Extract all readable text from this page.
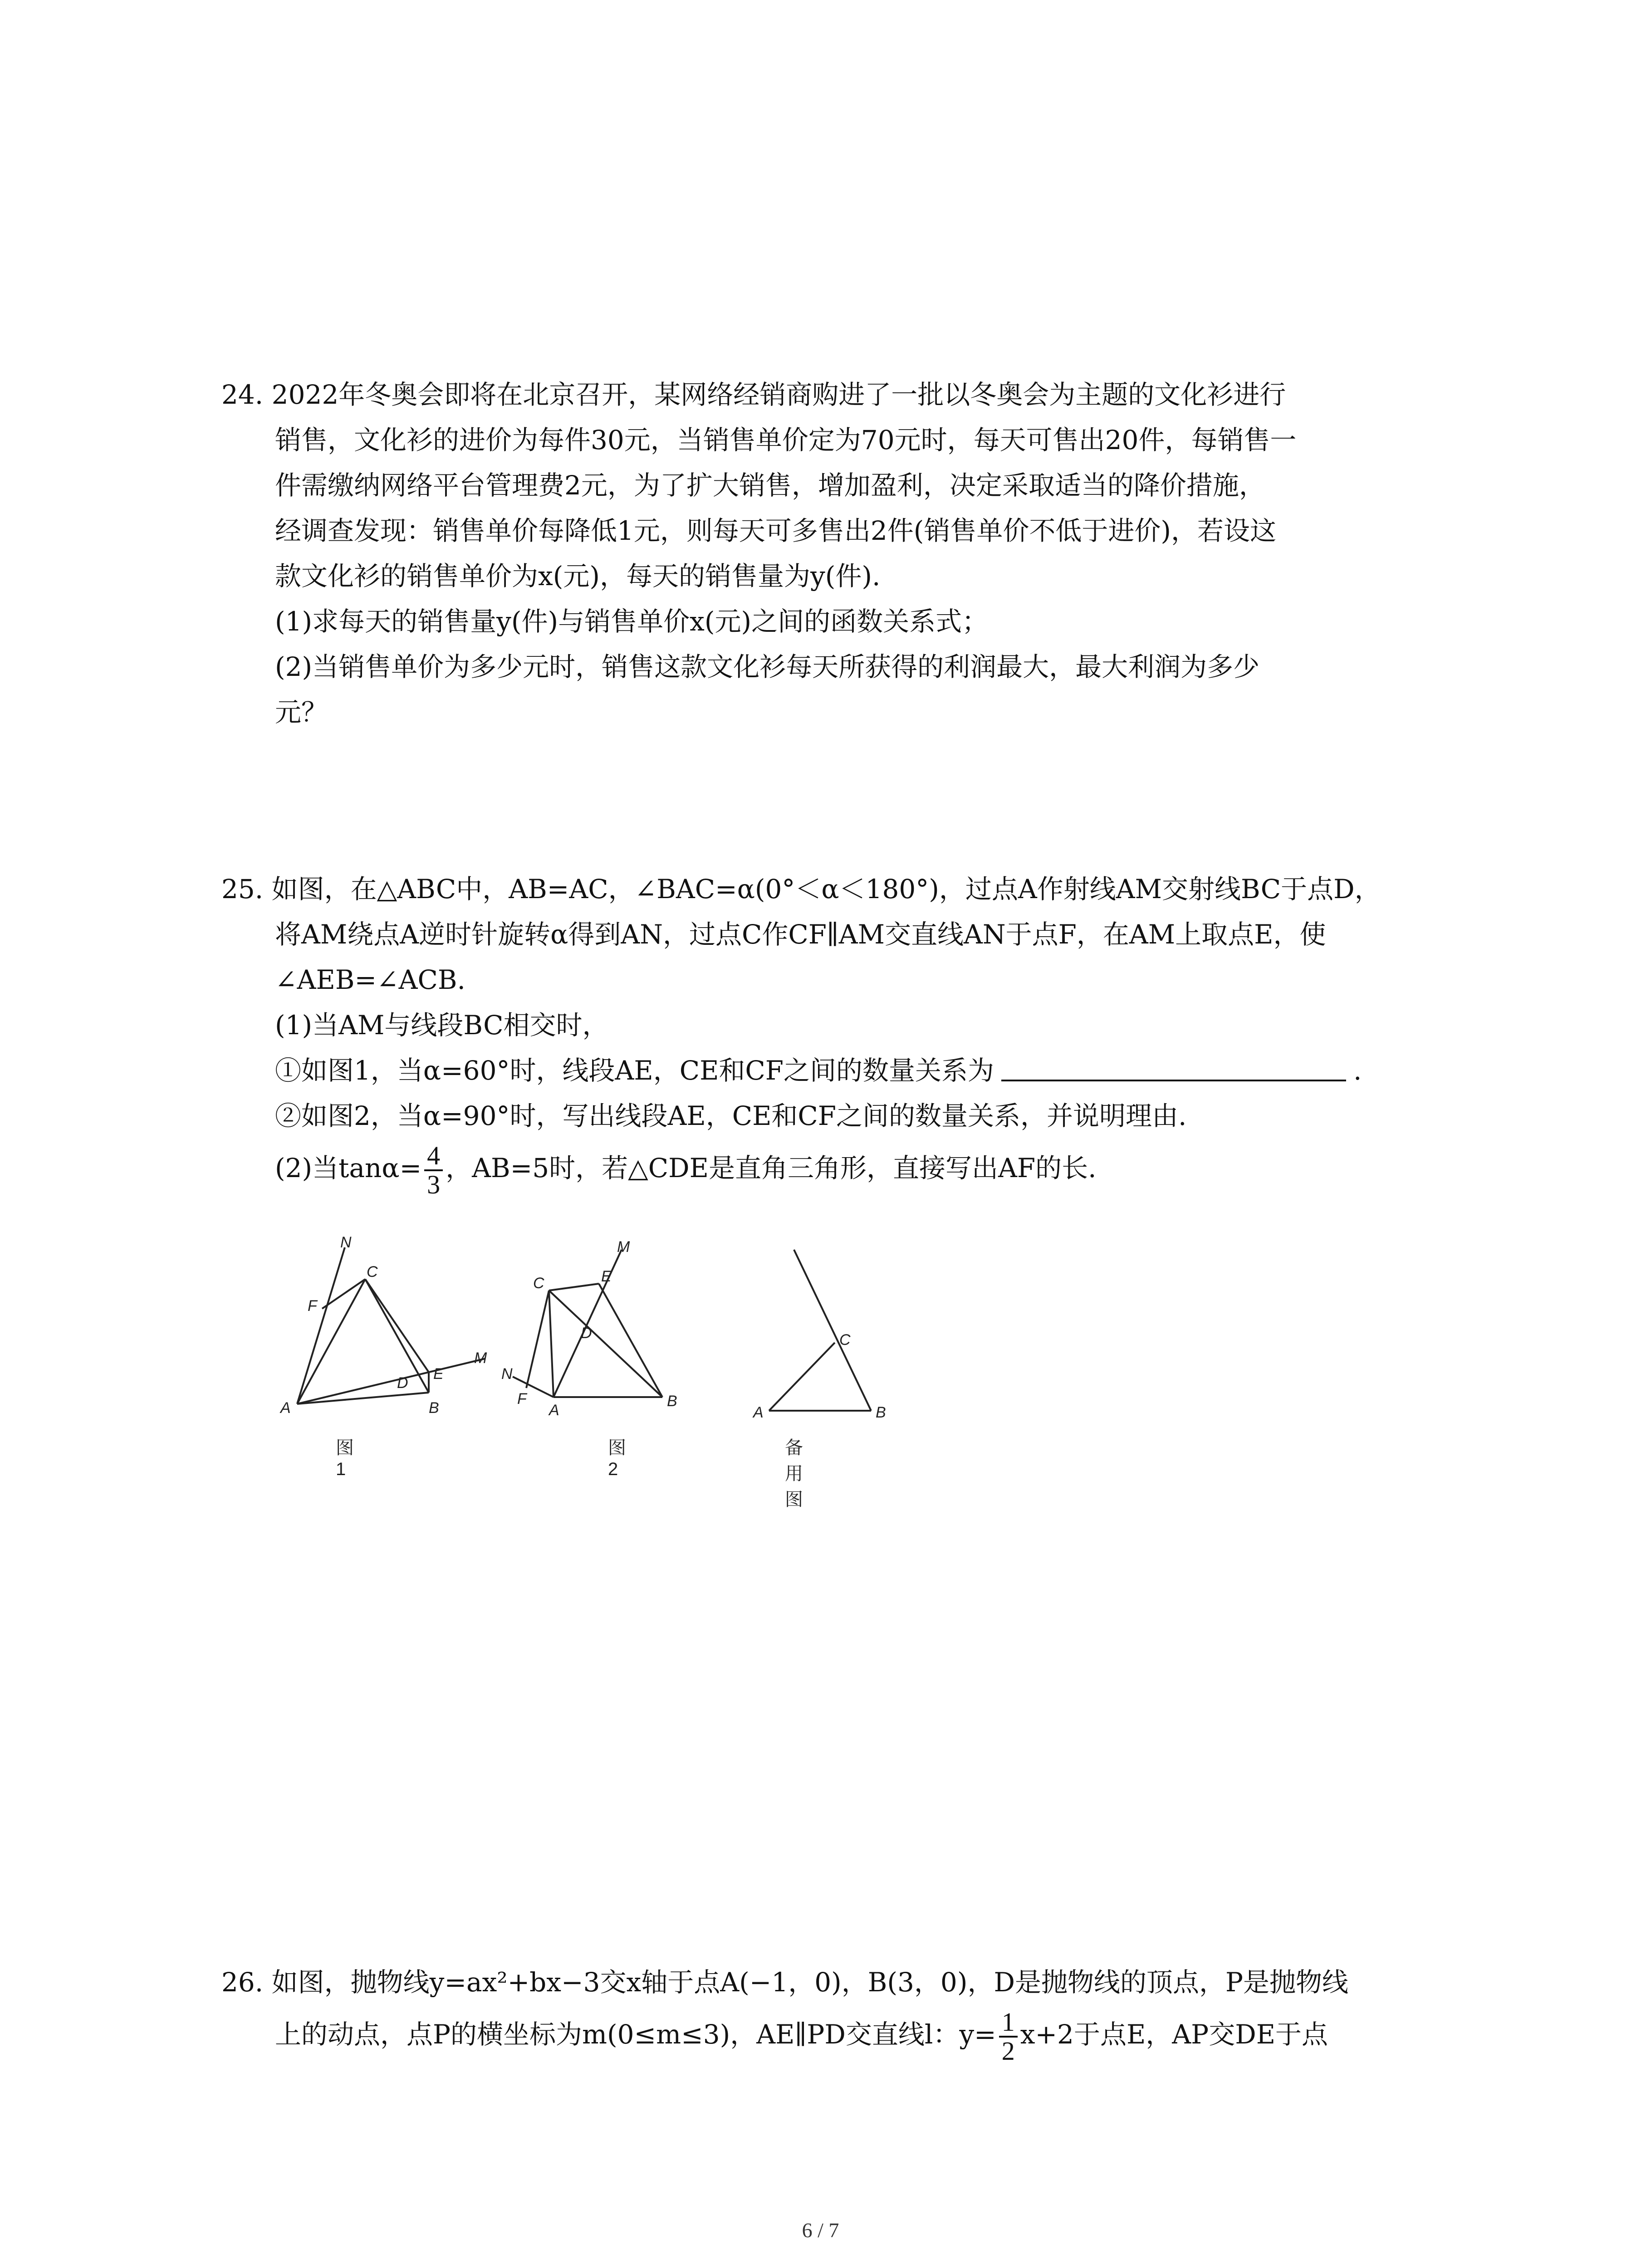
24. 2022年冬奥会即将在北京召开，某网络经销商购进了一批以冬奥会为主题的文化衫进行
销售，文化衫的进价为每件30元，当销售单价定为70元时，每天可售出20件，每销售一
件需缴纳网络平台管理费2元，为了扩大销售，增加盈利，决定采取适当的降价措施，
经调查发现：销售单价每降低1元，则每天可多售出2件(销售单价不低于进价)，若设这
款文化衫的销售单价为x(元)，每天的销售量为y(件).
(1)求每天的销售量y(件)与销售单价x(元)之间的函数关系式；
(2)当销售单价为多少元时，销售这款文化衫每天所获得的利润最大，最大利润为多少
元？
25. 如图，在△ABC中，AB=AC，∠BAC=α(0°＜α＜180°)，过点A作射线AM交射线BC于点D，
将AM绕点A逆时针旋转α得到AN，过点C作CF∥AM交直线AN于点F，在AM上取点E，使
∠AEB=∠ACB.
(1)当AM与线段BC相交时，
①如图1，当α=60°时，线段AE，CE和CF之间的数量关系为	.
②如图2，当α=90°时，写出线段AE，CE和CF之间的数量关系，并说明理由.
(2)当$\tan\alpha= \frac{4}{3}$ ，AB=5时，若△CDE是直角三角形，直接写出AF的长.
N
F
C
D
E
M
A	B
M
C	E
D
N
F
A
B
C
A	B
图1
图2
备用图
26. 如图，抛物线y=ax²+bx−3交x轴于点A(−1，0)，B(3，0)，D是抛物线的顶点，P是抛物线
上的动点，点P的横坐标为m(0≤m≤3)，AE∥PD交直线l：$y= \frac{1}{2} x+2$于点E，AP交DE于点
6 / 7
